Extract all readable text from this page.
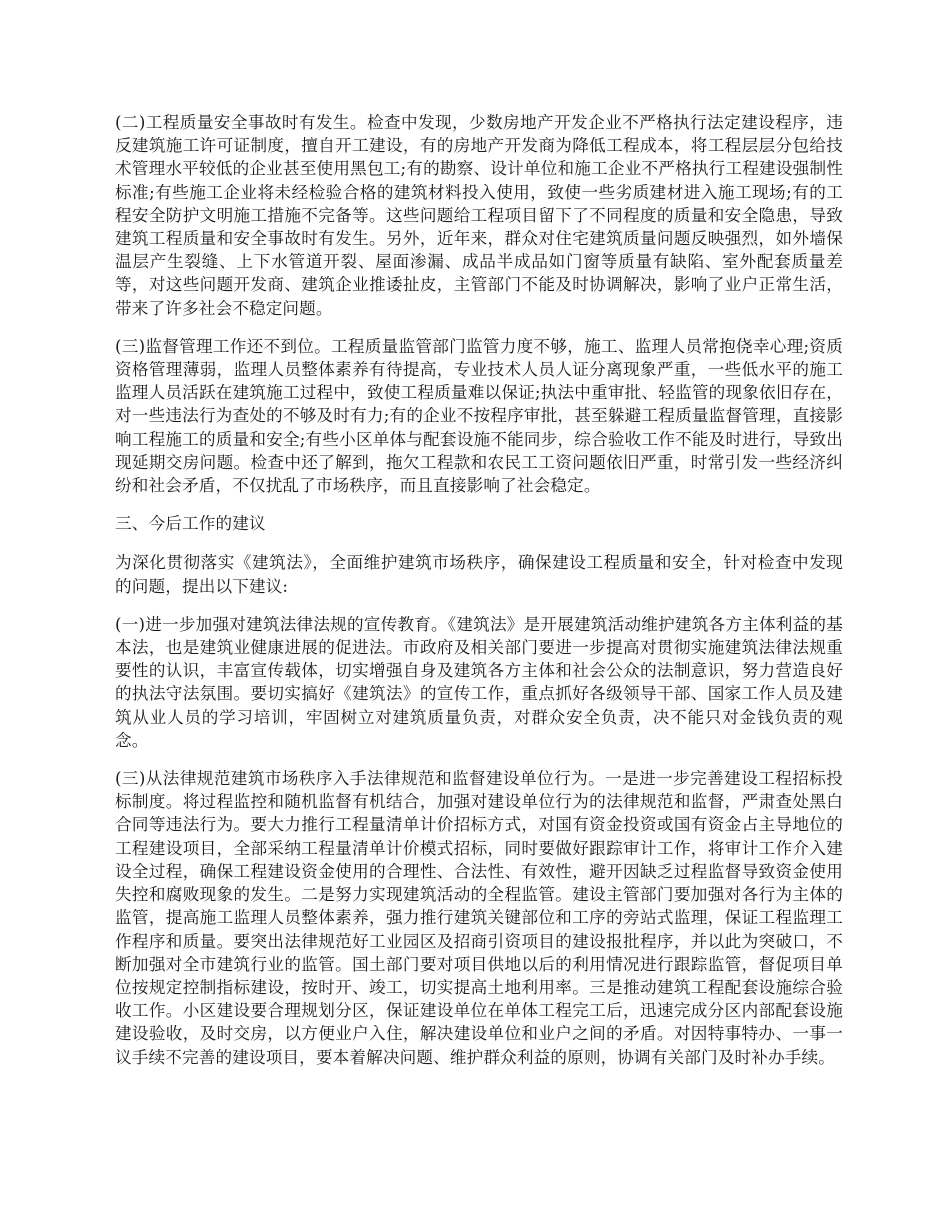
(二)工程质量安全事故时有发生。检查中发现，少数房地产开发企业不严格执行法定建设程序，违反建筑施工许可证制度，擅自开工建设，有的房地产开发商为降低工程成本，将工程层层分包给技术管理水平较低的企业甚至使用黑包工;有的勘察、设计单位和施工企业不严格执行工程建设强制性标准;有些施工企业将未经检验合格的建筑材料投入使用，致使一些劣质建材进入施工现场;有的工程安全防护文明施工措施不完备等。这些问题给工程项目留下了不同程度的质量和安全隐患，导致建筑工程质量和安全事故时有发生。另外，近年来，群众对住宅建筑质量问题反映强烈，如外墙保温层产生裂缝、上下水管道开裂、屋面渗漏、成品半成品如门窗等质量有缺陷、室外配套质量差等，对这些问题开发商、建筑企业推诿扯皮，主管部门不能及时协调解决，影响了业户正常生活，带来了许多社会不稳定问题。

(三)监督管理工作还不到位。工程质量监管部门监管力度不够，施工、监理人员常抱侥幸心理;资质资格管理薄弱，监理人员整体素养有待提高，专业技术人员人证分离现象严重，一些低水平的施工监理人员活跃在建筑施工过程中，致使工程质量难以保证;执法中重审批、轻监管的现象依旧存在，对一些违法行为查处的不够及时有力;有的企业不按程序审批，甚至躲避工程质量监督管理，直接影响工程施工的质量和安全;有些小区单体与配套设施不能同步，综合验收工作不能及时进行，导致出现延期交房问题。检查中还了解到，拖欠工程款和农民工工资问题依旧严重，时常引发一些经济纠纷和社会矛盾，不仅扰乱了市场秩序，而且直接影响了社会稳定。

三、今后工作的建议

为深化贯彻落实《建筑法》，全面维护建筑市场秩序，确保建设工程质量和安全，针对检查中发现的问题，提出以下建议:

(一)进一步加强对建筑法律法规的宣传教育。《建筑法》是开展建筑活动维护建筑各方主体利益的基本法，也是建筑业健康进展的促进法。市政府及相关部门要进一步提高对贯彻实施建筑法律法规重要性的认识，丰富宣传载体，切实增强自身及建筑各方主体和社会公众的法制意识，努力营造良好的执法守法氛围。要切实搞好《建筑法》的宣传工作，重点抓好各级领导干部、国家工作人员及建筑从业人员的学习培训，牢固树立对建筑质量负责，对群众安全负责，决不能只对金钱负责的观念。

(三)从法律规范建筑市场秩序入手法律规范和监督建设单位行为。一是进一步完善建设工程招标投标制度。将过程监控和随机监督有机结合，加强对建设单位行为的法律规范和监督，严肃查处黑白合同等违法行为。要大力推行工程量清单计价招标方式，对国有资金投资或国有资金占主导地位的工程建设项目，全部采纳工程量清单计价模式招标，同时要做好跟踪审计工作，将审计工作介入建设全过程，确保工程建设资金使用的合理性、合法性、有效性，避开因缺乏过程监督导致资金使用失控和腐败现象的发生。二是努力实现建筑活动的全程监管。建设主管部门要加强对各行为主体的监管，提高施工监理人员整体素养，强力推行建筑关键部位和工序的旁站式监理，保证工程监理工作程序和质量。要突出法律规范好工业园区及招商引资项目的建设报批程序，并以此为突破口，不断加强对全市建筑行业的监管。国土部门要对项目供地以后的利用情况进行跟踪监管，督促项目单位按规定控制指标建设，按时开、竣工，切实提高土地利用率。三是推动建筑工程配套设施综合验收工作。小区建设要合理规划分区，保证建设单位在单体工程完工后，迅速完成分区内部配套设施建设验收，及时交房，以方便业户入住，解决建设单位和业户之间的矛盾。对因特事特办、一事一议手续不完善的建设项目，要本着解决问题、维护群众利益的原则，协调有关部门及时补办手续。
